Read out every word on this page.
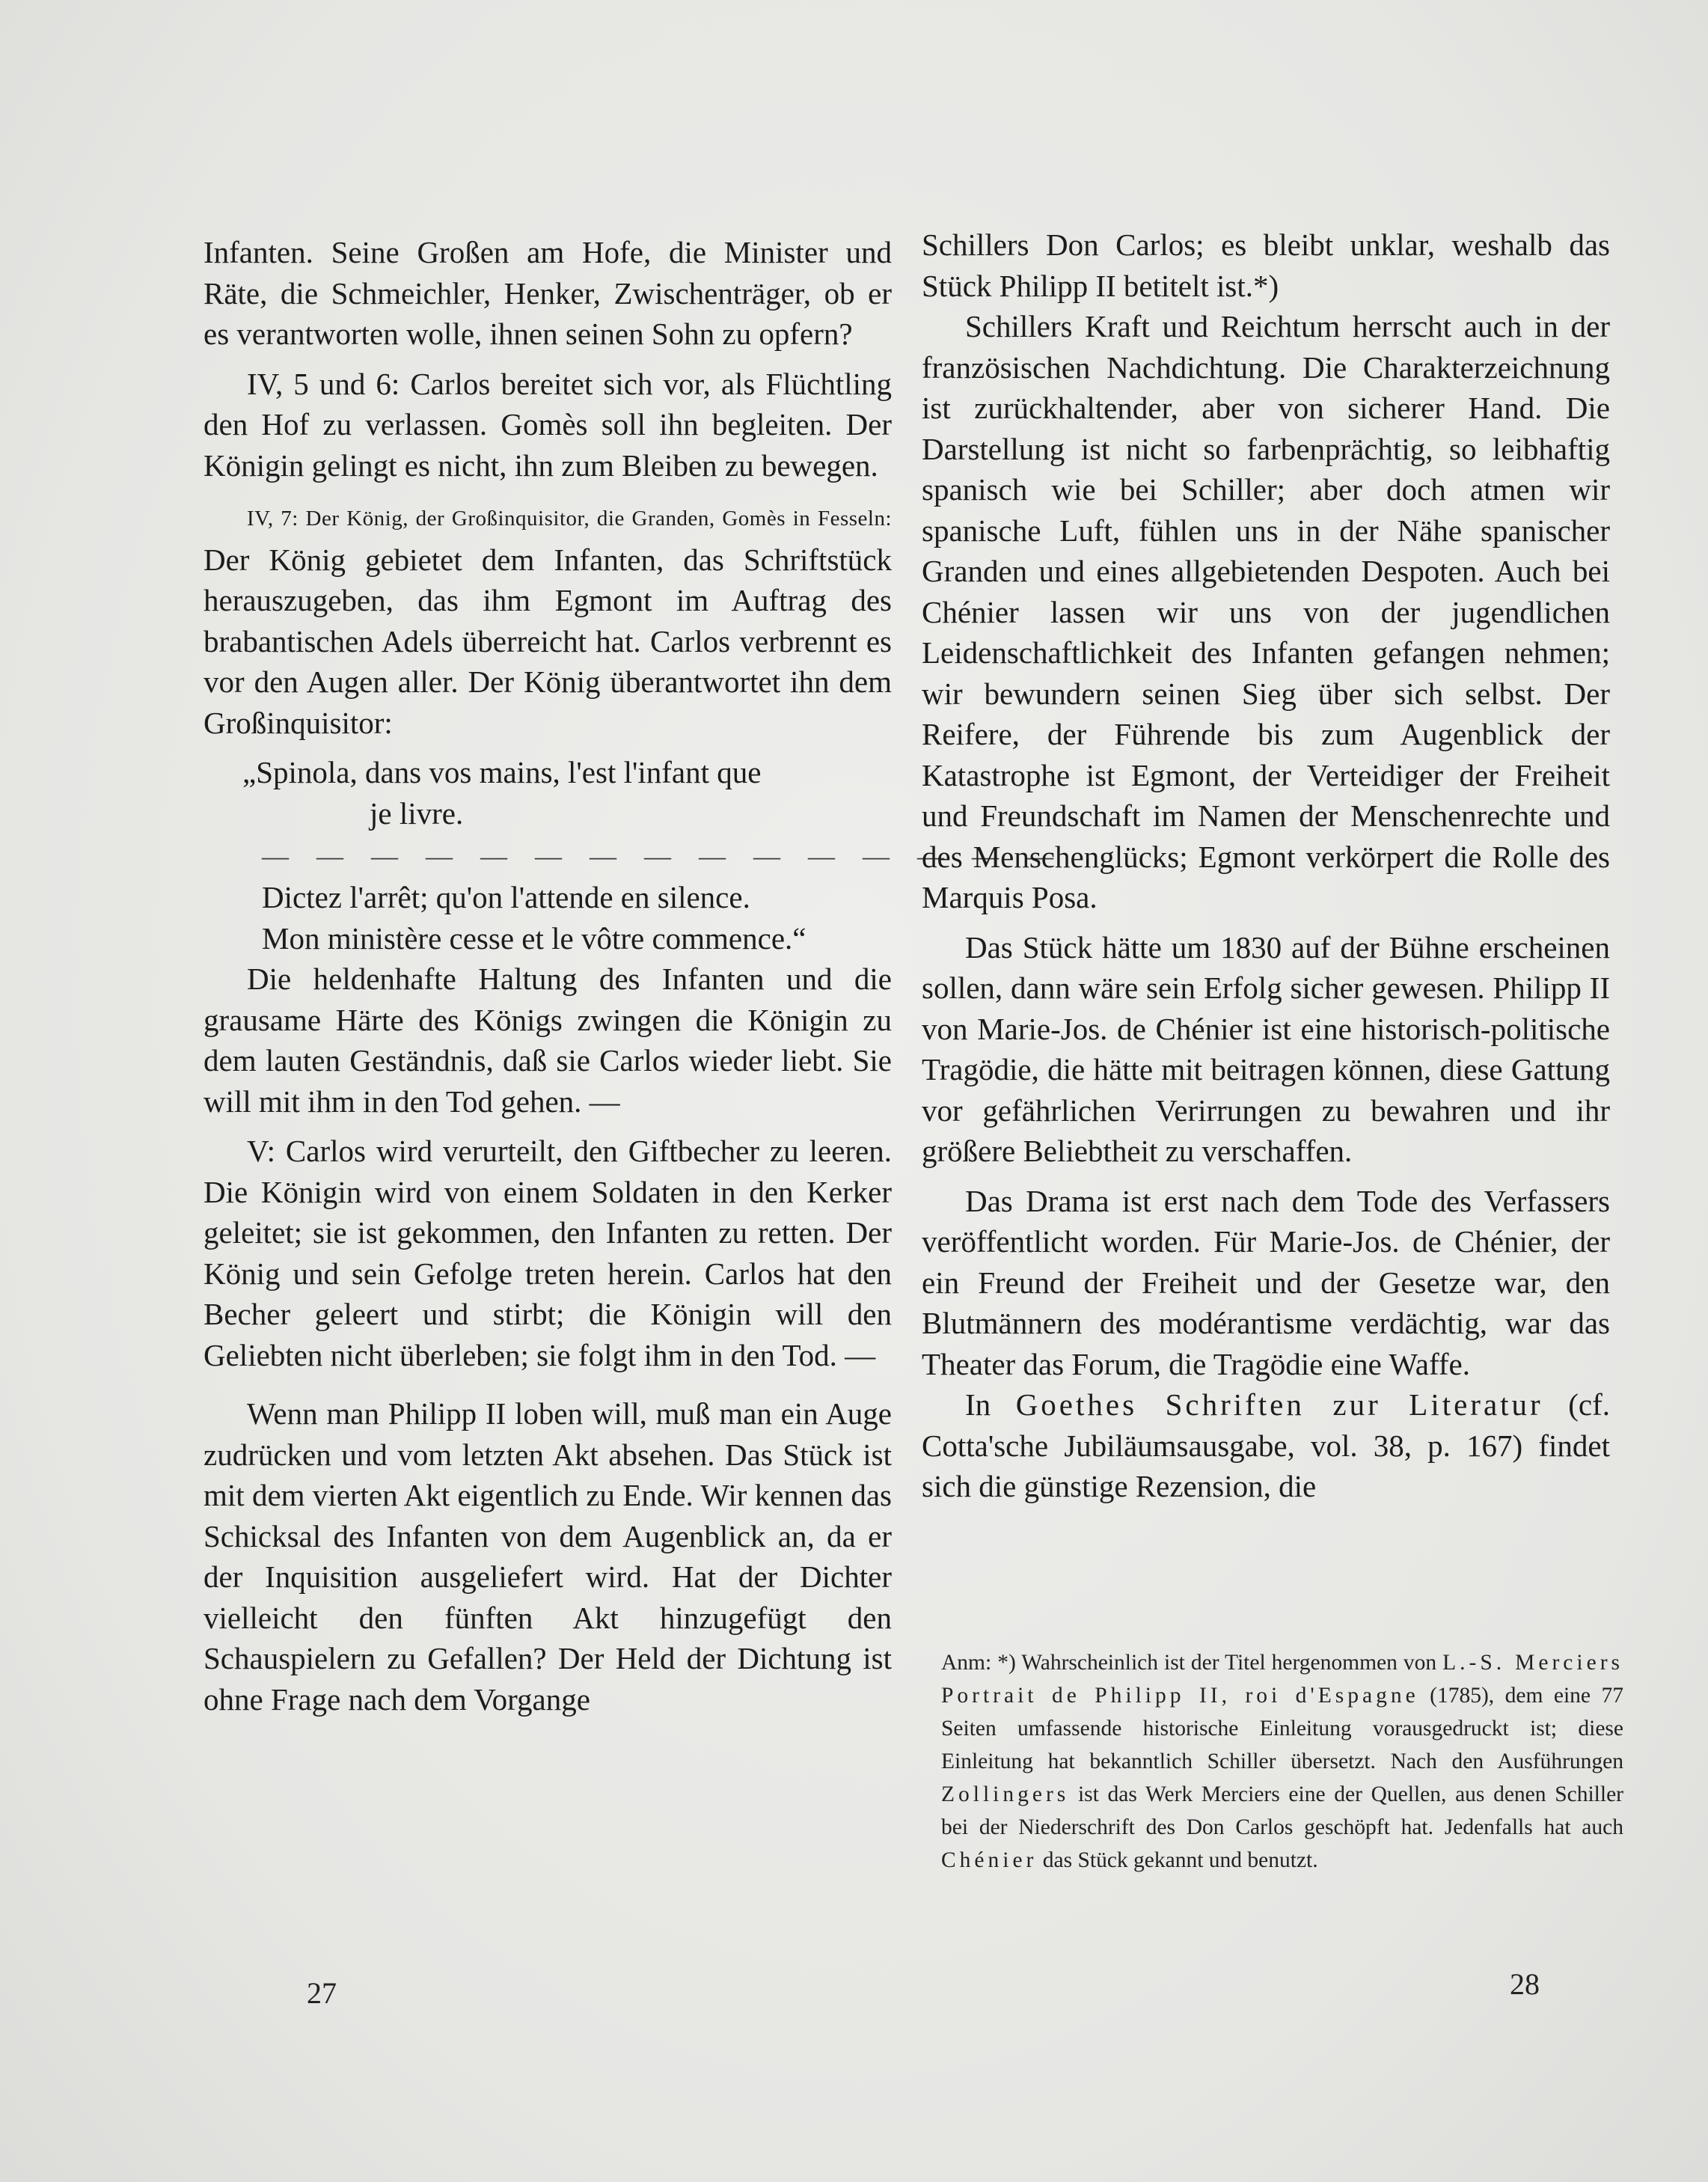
Infanten. Seine Großen am Hofe, die Minister und Räte, die Schmeichler, Henker, Zwischenträger, ob er es verantworten wolle, ihnen seinen Sohn zu opfern?

IV, 5 und 6: Carlos bereitet sich vor, als Flüchtling den Hof zu verlassen. Gomès soll ihn begleiten. Der Königin gelingt es nicht, ihn zum Bleiben zu bewegen.

IV, 7: Der König, der Großinquisitor, die Granden, Gomès in Fesseln: Der König gebietet dem Infanten, das Schriftstück herauszugeben, das ihm Egmont im Auftrag des brabantischen Adels überreicht hat. Carlos verbrennt es vor den Augen aller. Der König überantwortet ihn dem Großinquisitor:

„Spinola, dans vos mains, l'est l'infant que
je livre.

— — — — — — — — — — — — — — —

Dictez l'arrêt; qu'on l'attende en silence.
Mon ministère cesse et le vôtre commence.“

Die heldenhafte Haltung des Infanten und die grausame Härte des Königs zwingen die Königin zu dem lauten Geständnis, daß sie Carlos wieder liebt. Sie will mit ihm in den Tod gehen. —

V: Carlos wird verurteilt, den Giftbecher zu leeren. Die Königin wird von einem Soldaten in den Kerker geleitet; sie ist gekommen, den Infanten zu retten. Der König und sein Gefolge treten herein. Carlos hat den Becher geleert und stirbt; die Königin will den Geliebten nicht überleben; sie folgt ihm in den Tod. —

Wenn man Philipp II loben will, muß man ein Auge zudrücken und vom letzten Akt absehen. Das Stück ist mit dem vierten Akt eigentlich zu Ende. Wir kennen das Schicksal des Infanten von dem Augenblick an, da er der Inquisition ausgeliefert wird. Hat der Dichter vielleicht den fünften Akt hinzugefügt den Schauspielern zu Gefallen? Der Held der Dichtung ist ohne Frage nach dem Vorgange

Schillers Don Carlos; es bleibt unklar, weshalb das Stück Philipp II betitelt ist.*)

Schillers Kraft und Reichtum herrscht auch in der französischen Nachdichtung. Die Charakterzeichnung ist zurückhaltender, aber von sicherer Hand. Die Darstellung ist nicht so farbenprächtig, so leibhaftig spanisch wie bei Schiller; aber doch atmen wir spanische Luft, fühlen uns in der Nähe spanischer Granden und eines allgebietenden Despoten. Auch bei Chénier lassen wir uns von der jugendlichen Leidenschaftlichkeit des Infanten gefangen nehmen; wir bewundern seinen Sieg über sich selbst. Der Reifere, der Führende bis zum Augenblick der Katastrophe ist Egmont, der Verteidiger der Freiheit und Freundschaft im Namen der Menschenrechte und des Menschenglücks; Egmont verkörpert die Rolle des Marquis Posa.

Das Stück hätte um 1830 auf der Bühne erscheinen sollen, dann wäre sein Erfolg sicher gewesen. Philipp II von Marie-Jos. de Chénier ist eine historisch-politische Tragödie, die hätte mit beitragen können, diese Gattung vor gefährlichen Verirrungen zu bewahren und ihr größere Beliebtheit zu verschaffen.

Das Drama ist erst nach dem Tode des Verfassers veröffentlicht worden. Für Marie-Jos. de Chénier, der ein Freund der Freiheit und der Gesetze war, den Blutmännern des modérantisme verdächtig, war das Theater das Forum, die Tragödie eine Waffe.

In Goethes Schriften zur Literatur (cf. Cotta'sche Jubiläumsausgabe, vol. 38, p. 167) findet sich die günstige Rezension, die

Anm: *) Wahrscheinlich ist der Titel hergenommen von L.-S. Merciers Portrait de Philipp II, roi d'Espagne (1785), dem eine 77 Seiten umfassende historische Einleitung vorausgedruckt ist; diese Einleitung hat bekanntlich Schiller übersetzt. Nach den Ausführungen Zollingers ist das Werk Merciers eine der Quellen, aus denen Schiller bei der Niederschrift des Don Carlos geschöpft hat. Jedenfalls hat auch Chénier das Stück gekannt und benutzt.
27	28
